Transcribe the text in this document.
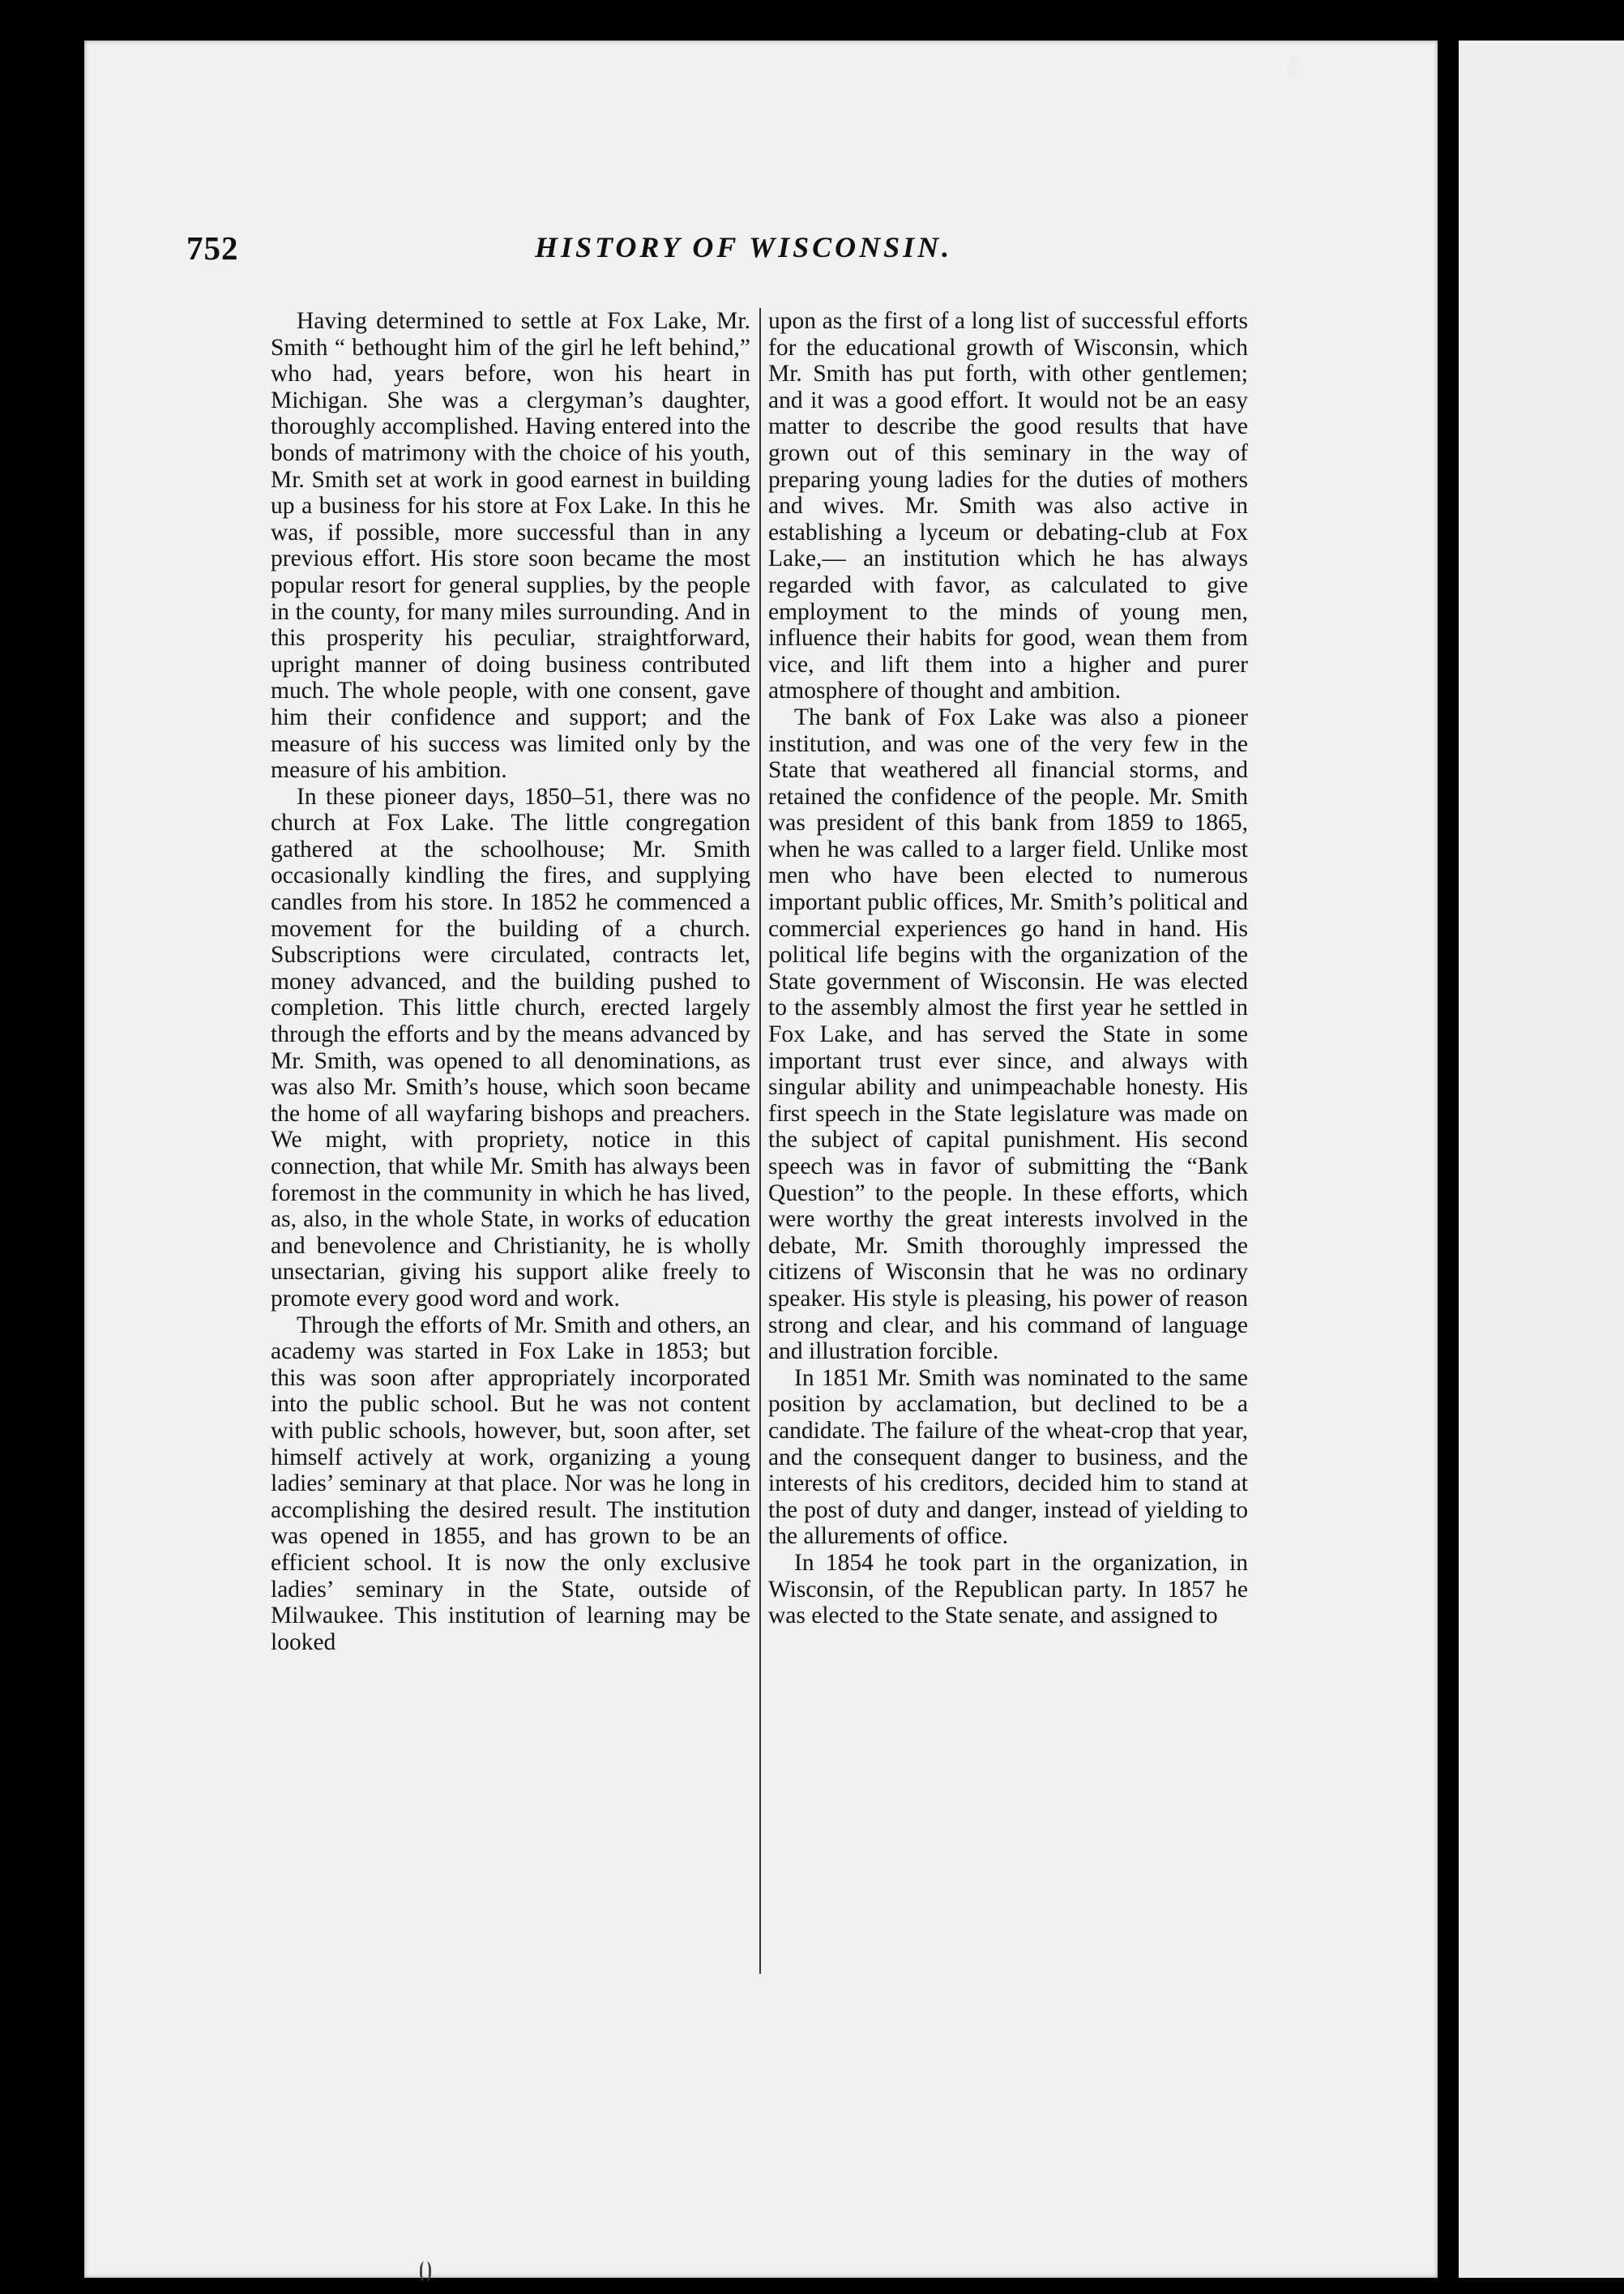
752	HISTORY OF WISCONSIN.

Having determined to settle at Fox Lake, Mr. Smith “ bethought him of the girl he left behind,” who had, years before, won his heart in Michigan. She was a clergyman’s daughter, thoroughly accomplished. Having entered into the bonds of matrimony with the choice of his youth, Mr. Smith set at work in good earnest in building up a business for his store at Fox Lake. In this he was, if possible, more successful than in any previous effort. His store soon became the most popular resort for general supplies, by the people in the county, for many miles surrounding. And in this prosperity his peculiar, straightforward, upright manner of doing business contributed much. The whole people, with one consent, gave him their confidence and support; and the measure of his success was limited only by the measure of his ambition.

In these pioneer days, 1850–51, there was no church at Fox Lake. The little congregation gathered at the schoolhouse; Mr. Smith occasionally kindling the fires, and supplying candles from his store. In 1852 he commenced a movement for the building of a church. Subscriptions were circulated, contracts let, money advanced, and the building pushed to completion. This little church, erected largely through the efforts and by the means advanced by Mr. Smith, was opened to all denominations, as was also Mr. Smith’s house, which soon became the home of all wayfaring bishops and preachers. We might, with propriety, notice in this connection, that while Mr. Smith has always been foremost in the community in which he has lived, as, also, in the whole State, in works of education and benevolence and Christianity, he is wholly unsectarian, giving his support alike freely to promote every good word and work.

Through the efforts of Mr. Smith and others, an academy was started in Fox Lake in 1853; but this was soon after appropriately incorporated into the public school. But he was not content with public schools, however, but, soon after, set himself actively at work, organizing a young ladies’ seminary at that place. Nor was he long in accomplishing the desired result. The institution was opened in 1855, and has grown to be an efficient school. It is now the only exclusive ladies’ seminary in the State, outside of Milwaukee. This institution of learning may be looked

upon as the first of a long list of successful efforts for the educational growth of Wisconsin, which Mr. Smith has put forth, with other gentlemen; and it was a good effort. It would not be an easy matter to describe the good results that have grown out of this seminary in the way of preparing young ladies for the duties of mothers and wives. Mr. Smith was also active in establishing a lyceum or debating-club at Fox Lake,— an institution which he has always regarded with favor, as calculated to give employment to the minds of young men, influence their habits for good, wean them from vice, and lift them into a higher and purer atmosphere of thought and ambition.

The bank of Fox Lake was also a pioneer institution, and was one of the very few in the State that weathered all financial storms, and retained the confidence of the people. Mr. Smith was president of this bank from 1859 to 1865, when he was called to a larger field. Unlike most men who have been elected to numerous important public offices, Mr. Smith’s political and commercial experiences go hand in hand. His political life begins with the organization of the State government of Wisconsin. He was elected to the assembly almost the first year he settled in Fox Lake, and has served the State in some important trust ever since, and always with singular ability and unimpeachable honesty. His first speech in the State legislature was made on the subject of capital punishment. His second speech was in favor of submitting the “Bank Question” to the people. In these efforts, which were worthy the great interests involved in the debate, Mr. Smith thoroughly impressed the citizens of Wisconsin that he was no ordinary speaker. His style is pleasing, his power of reason strong and clear, and his command of language and illustration forcible.

In 1851 Mr. Smith was nominated to the same position by acclamation, but declined to be a candidate. The failure of the wheat-crop that year, and the consequent danger to business, and the interests of his creditors, decided him to stand at the post of duty and danger, instead of yielding to the allurements of office.

In 1854 he took part in the organization, in Wisconsin, of the Republican party. In 1857 he was elected to the State senate, and assigned to
